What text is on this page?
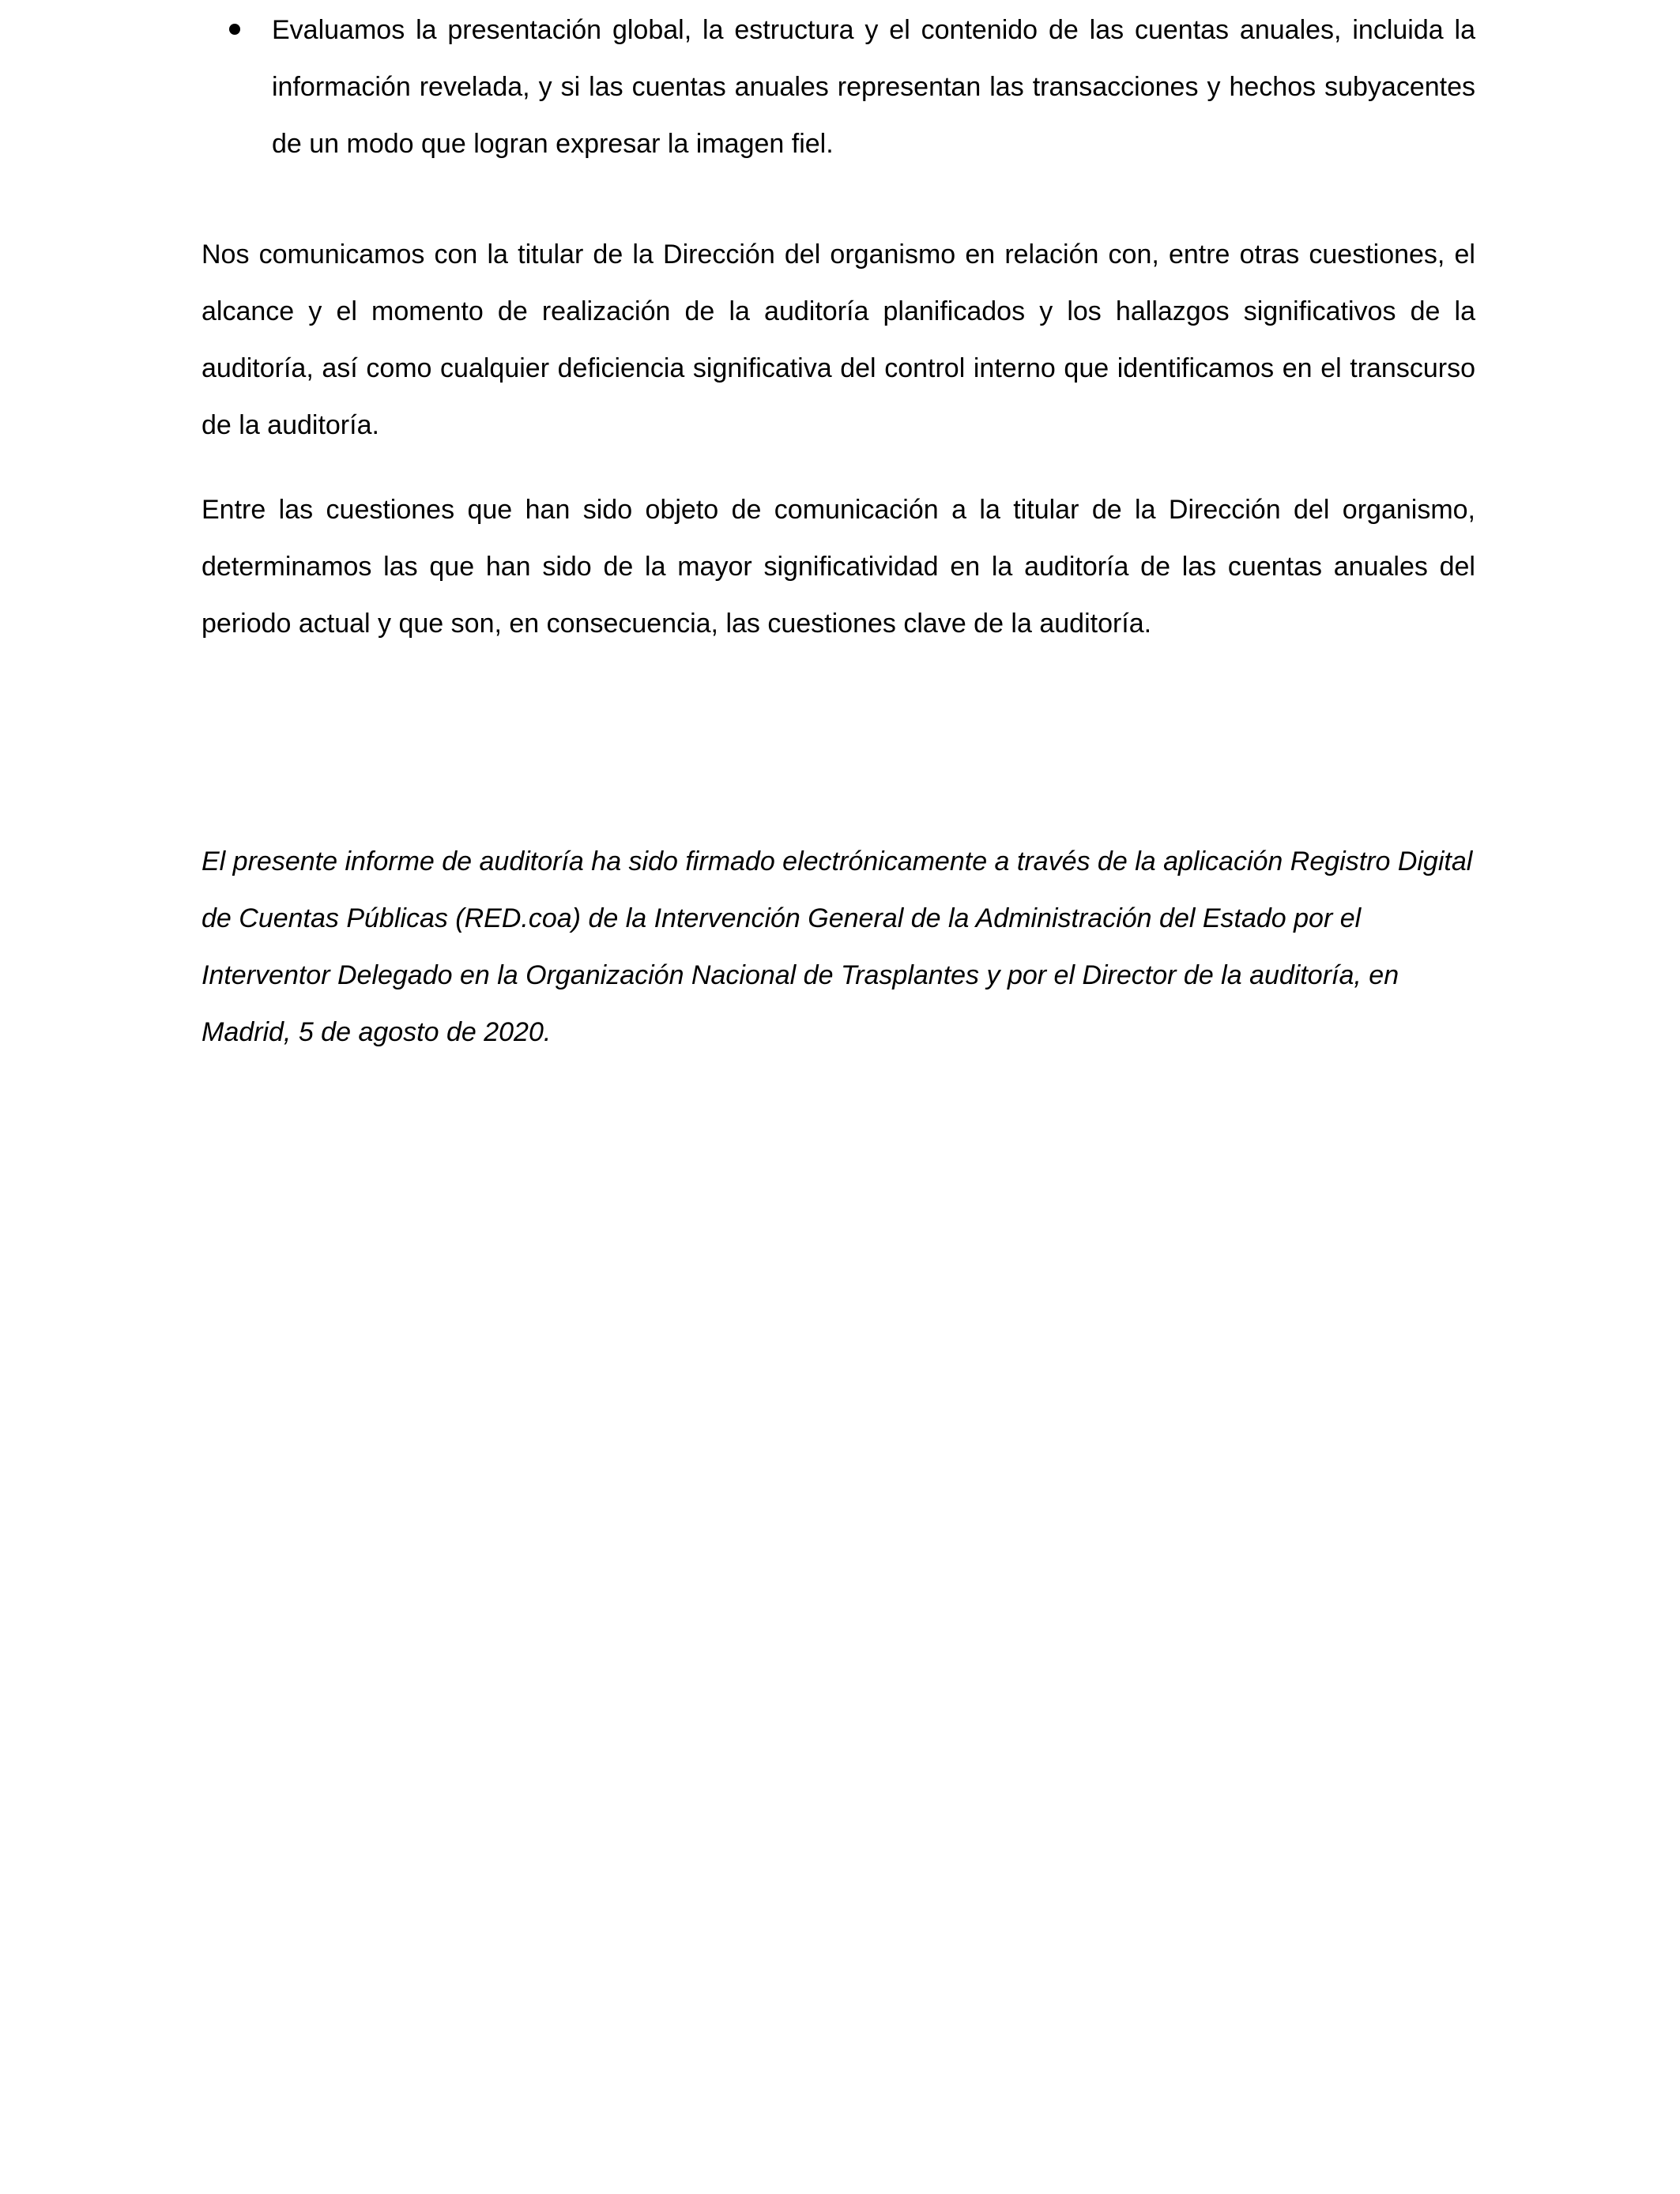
Evaluamos la presentación global, la estructura y el contenido de las cuentas anuales, incluida la información revelada, y si las cuentas anuales representan las transacciones y hechos subyacentes de un modo que logran expresar la imagen fiel.

Nos comunicamos con la titular de la Dirección del organismo en relación con, entre otras cuestiones, el alcance y el momento de realización de la auditoría planificados y los hallazgos significativos de la auditoría, así como cualquier deficiencia significativa del control interno que identificamos en el transcurso de la auditoría.

Entre las cuestiones que han sido objeto de comunicación a la titular de la Dirección del organismo, determinamos las que han sido de la mayor significatividad en la auditoría de las cuentas anuales del periodo actual y que son, en consecuencia, las cuestiones clave de la auditoría.

El presente informe de auditoría ha sido firmado electrónicamente a través de la aplicación Registro Digital de Cuentas Públicas (RED.coa) de la Intervención General de la Administración del Estado por el Interventor Delegado en la Organización Nacional de Trasplantes y por el Director de la auditoría, en Madrid, 5 de agosto de 2020.
